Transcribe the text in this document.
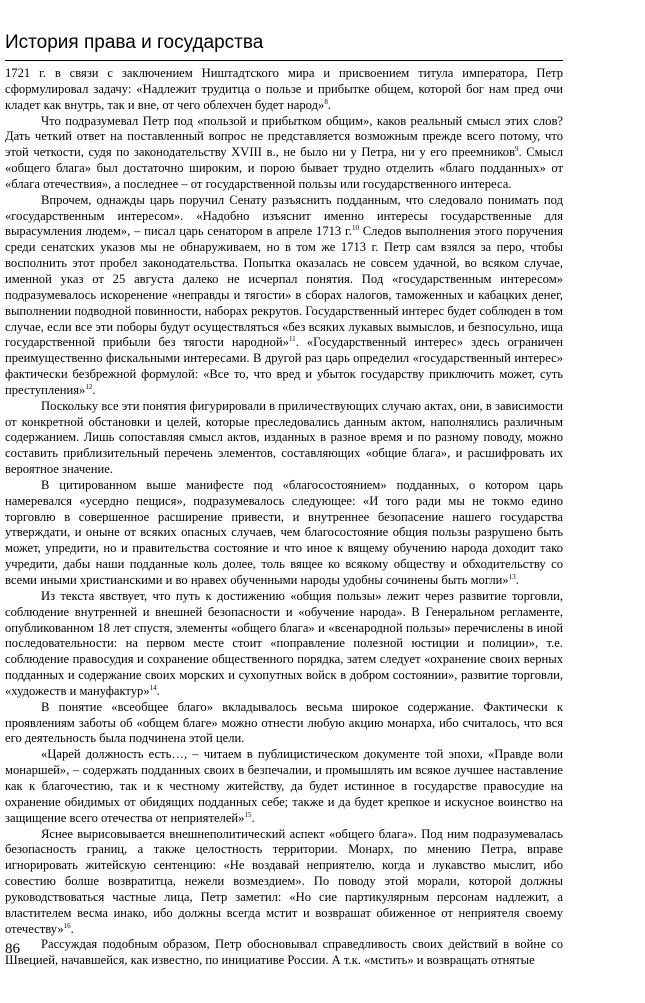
История права и государства

1721 г. в связи с заключением Ништадтского мира и присвоением титула императора, Петр сформулировал задачу: «Надлежит трудитца о пользе и прибытке общем, которой бог нам пред очи кладет как внутрь, так и вне, от чего облехчен будет народ»$^8$.

Что подразумевал Петр под «пользой и прибытком общим», каков реальный смысл этих слов? Дать четкий ответ на поставленный вопрос не представляется возможным прежде всего потому, что этой четкости, судя по законодательству XVIII в., не было ни у Петра, ни у его преемников$^9$. Смысл «общего блага» был достаточно широким, и порою бывает трудно отделить «благо подданных» от «блага отечествия», а последнее – от государственной пользы или государственного интереса.

Впрочем, однажды царь поручил Сенату разъяснить подданным, что следовало понимать под «государственным интересом». «Надобно изъяснит именно интересы государственные для вырасумления людем», – писал царь сенатором в апреле 1713 г.$^{10}$ Следов выполнения этого поручения среди сенатских указов мы не обнаруживаем, но в том же 1713 г. Петр сам взялся за перо, чтобы восполнить этот пробел законодательства. Попытка оказалась не совсем удачной, во всяком случае, именной указ от 25 августа далеко не исчерпал понятия. Под «государственным интересом» подразумевалось искоренение «неправды и тягости» в сборах налогов, таможенных и кабацких денег, выполнении подводной повинности, наборах рекрутов. Государственный интерес будет соблюден в том случае, если все эти поборы будут осуществляться «без всяких лукавых вымыслов, и безпосульно, ища государственной прибыли без тягости народной»$^{11}$. «Государственный интерес» здесь ограничен преимущественно фискальными интересами. В другой раз царь определил «государственный интерес» фактически безбрежной формулой: «Все то, что вред и убыток государству приключить может, суть преступления»$^{12}$.

Поскольку все эти понятия фигурировали в приличествующих случаю актах, они, в зависимости от конкретной обстановки и целей, которые преследовались данным актом, наполнялись различным содержанием. Лишь сопоставляя смысл актов, изданных в разное время и по разному поводу, можно составить приблизительный перечень элементов, составляющих «общие блага», и расшифровать их вероятное значение.

В цитированном выше манифесте под «благосостоянием» подданных, о котором царь намеревался «усердно пещися», подразумевалось следующее: «И того ради мы не токмо едино торговлю в совершенное расширение привести, и внутреннее безопасение нашего государства утверждати, и оныне от всяких опасных случаев, чем благосостояние общия пользы разрушено быть может, упредити, но и правительства состояние и что иное к вящему обучению народа доходит тако учредити, дабы наши подданные коль долее, толь вящее ко всякому обществу и обходительству со всеми иными христианскими и во нравех обученными народы удобны сочинены быть могли»$^{13}$.

Из текста явствует, что путь к достижению «общия пользы» лежит через развитие торговли, соблюдение внутренней и внешней безопасности и «обучение народа». В Генеральном регламенте, опубликованном 18 лет спустя, элементы «общего блага» и «всенародной пользы» перечислены в иной последовательности: на первом месте стоит «поправление полезной юстиции и полиции», т.е. соблюдение правосудия и сохранение общественного порядка, затем следует «охранение своих верных подданных и содержание своих морских и сухопутных войск в добром состоянии», развитие торговли, «художеств и мануфактур»$^{14}$.

В понятие «всеобщее благо» вкладывалось весьма широкое содержание. Фактически к проявлениям заботы об «общем благе» можно отнести любую акцию монарха, ибо считалось, что вся его деятельность была подчинена этой цели.

«Царей должность есть…, – читаем в публицистическом документе той эпохи, «Правде воли монаршей», – содержать подданных своих в безпечалии, и промышлять им всякое лучшее наставление как к благочестию, так и к честному житейству, да будет истинное в государстве правосудие на охранение обидимых от обидящих подданных себе; также и да будет крепкое и искусное воинство на защищение всего отечества от неприятелей»$^{15}$.

Яснее вырисовывается внешнеполитический аспект «общего блага». Под ним подразумевалась безопасность границ, а также целостность территории. Монарх, по мнению Петра, вправе игнорировать житейскую сентенцию: «Не воздавай неприятелю, когда и лукавство мыслит, ибо совестию болше возвратитца, нежели возмездием». По поводу этой морали, которой должны руководствоваться частные лица, Петр заметил: «Но сие партикулярным персонам надлежит, а властителем весма инако, ибо должны всегда мстит и возврашат обиженное от неприятеля своему отечеству»$^{16}$.

Рассуждая подобным образом, Петр обосновывал справедливость своих действий в войне со Швецией, начавшейся, как известно, по инициативе России. А т.к. «мстить» и возвращать отнятые

86
